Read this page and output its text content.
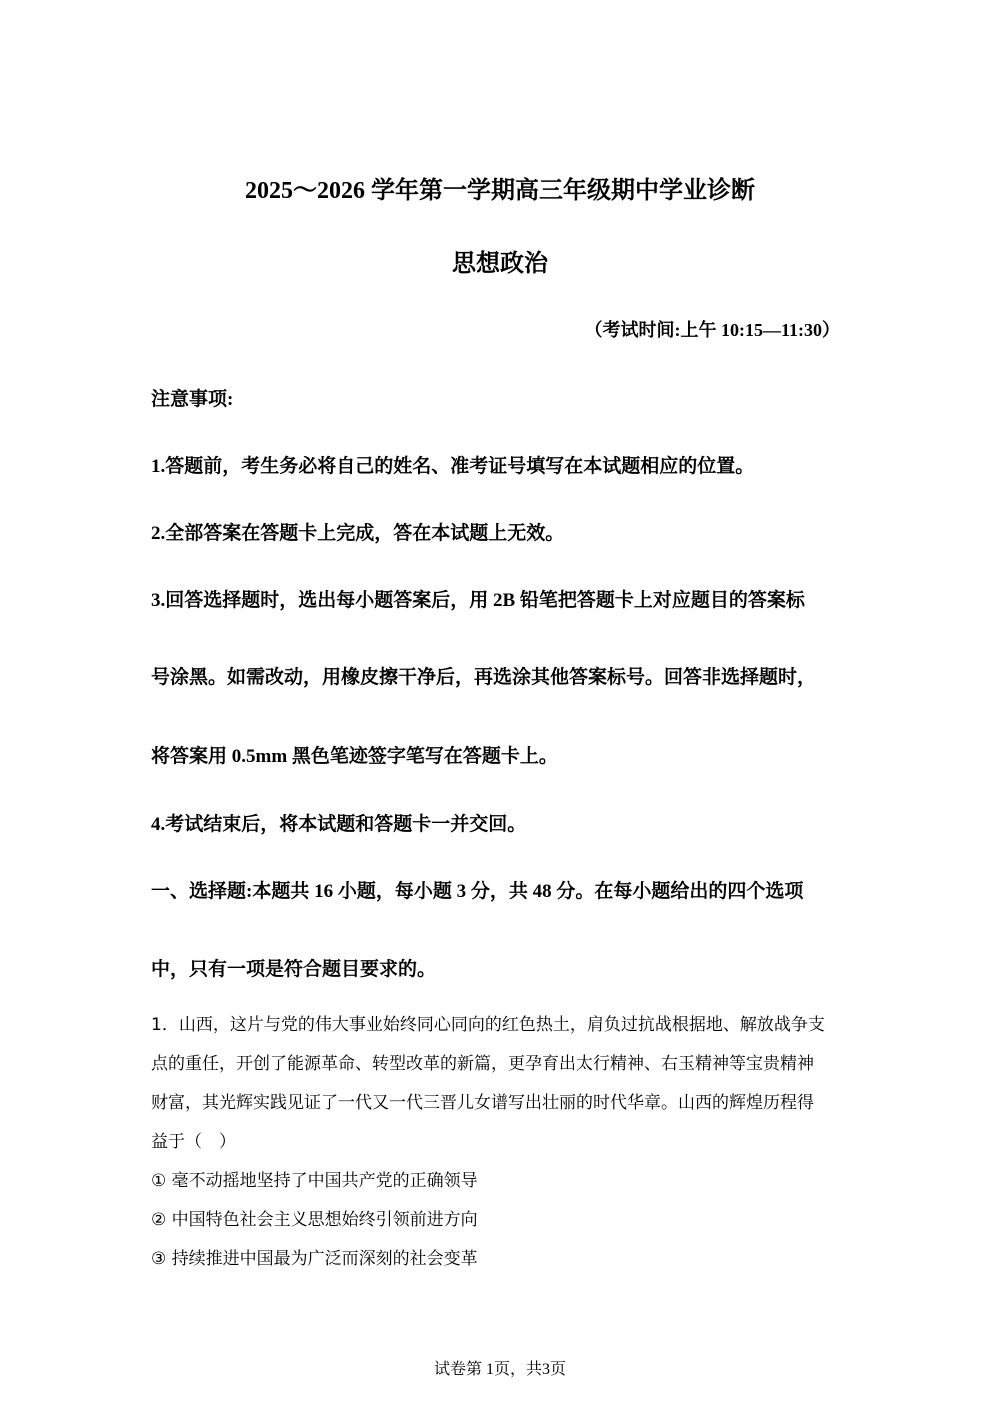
2025～2026 学年第一学期高三年级期中学业诊断
思想政治
（考试时间:上午 10:15—11:30）
注意事项:
1.答题前，考生务必将自己的姓名、准考证号填写在本试题相应的位置。
2.全部答案在答题卡上完成，答在本试题上无效。
3.回答选择题时，选出每小题答案后，用 2B 铅笔把答题卡上对应题目的答案标
号涂黑。如需改动，用橡皮擦干净后，再选涂其他答案标号。回答非选择题时，
将答案用 0.5mm 黑色笔迹签字笔写在答题卡上。
4.考试结束后，将本试题和答题卡一并交回。
一、选择题:本题共 16 小题，每小题 3 分，共 48 分。在每小题给出的四个选项
中，只有一项是符合题目要求的。
1．山西，这片与党的伟大事业始终同心同向的红色热土，肩负过抗战根据地、解放战争支
点的重任，开创了能源革命、转型改革的新篇，更孕育出太行精神、右玉精神等宝贵精神
财富，其光辉实践见证了一代又一代三晋儿女谱写出壮丽的时代华章。山西的辉煌历程得
益于（　）
① 毫不动摇地坚持了中国共产党的正确领导
② 中国特色社会主义思想始终引领前进方向
③ 持续推进中国最为广泛而深刻的社会变革
试卷第 1页，共3页
